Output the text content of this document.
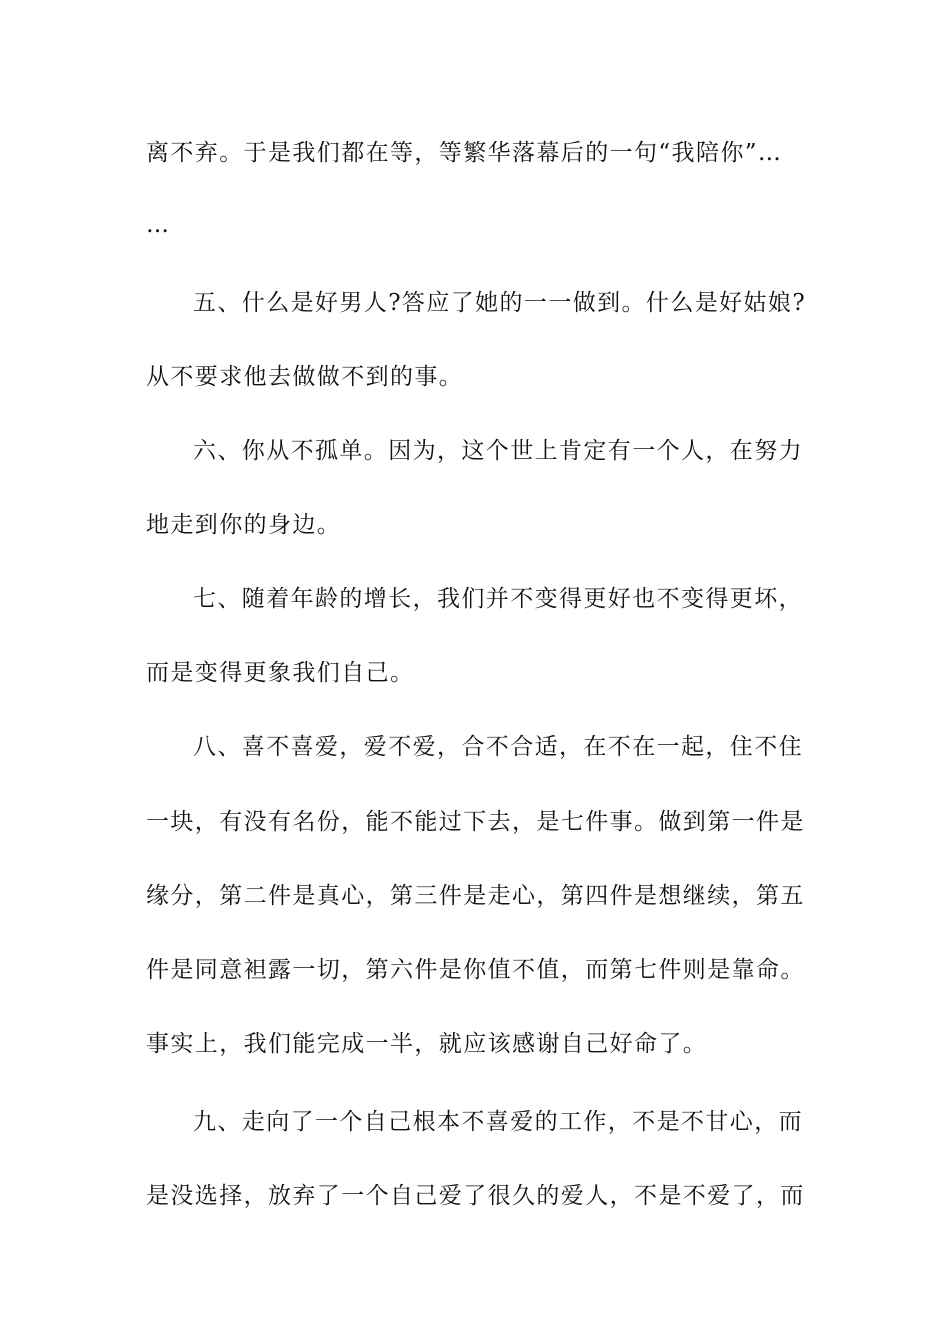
离不弃。于是我们都在等，等繁华落幕后的一句“我陪你”…
…
五、什么是好男人?答应了她的一一做到。什么是好姑娘?
从不要求他去做做不到的事。
六、你从不孤单。因为，这个世上肯定有一个人，在努力
地走到你的身边。
七、随着年龄的增长，我们并不变得更好也不变得更坏，
而是变得更象我们自己。
八、喜不喜爱，爱不爱，合不合适，在不在一起，住不住
一块，有没有名份，能不能过下去，是七件事。做到第一件是
缘分，第二件是真心，第三件是走心，第四件是想继续，第五
件是同意袒露一切，第六件是你值不值，而第七件则是靠命。
事实上，我们能完成一半，就应该感谢自己好命了。
九、走向了一个自己根本不喜爱的工作，不是不甘心，而
是没选择，放弃了一个自己爱了很久的爱人，不是不爱了，而
